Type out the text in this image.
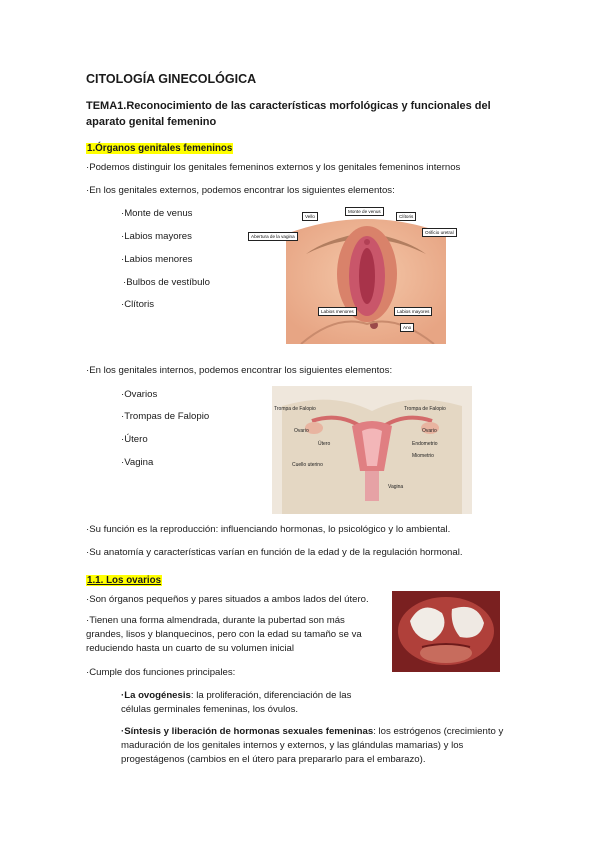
CITOLOGÍA GINECOLÓGICA
TEMA1.Reconocimiento de las características morfológicas y funcionales del aparato genital femenino
1.Órganos genitales femeninos
·Podemos distinguir los genitales femeninos externos y los genitales femeninos internos
·En los genitales externos, podemos encontrar los siguientes elementos:
·Monte de venus
·Labios mayores
·Labios menores
·Bulbos de vestíbulo
·Clítoris
Vello
Monte de venus
Clítoris
Orificio uretral
Abertura de la vagina
Labios menores	Labios mayores
Ano
·En los genitales internos, podemos encontrar los siguientes elementos:
·Ovarios
·Trompas de Falopio
·Útero
·Vagina
Trompa de Falopio	Trompa de Falopio
Ovario
Útero
Ovario
Endometrio
Miometrio
Cuello uterino
Vagina
·Su función es la reproducción: influenciando hormonas, lo psicológico y lo ambiental.
·Su anatomía y características varían en función de la edad y de la regulación hormonal.
1.1. Los ovarios
·Son órganos pequeños y pares situados a ambos lados del útero.
·Tienen una forma almendrada, durante la pubertad son más grandes, lisos y blanquecinos, pero con la edad su tamaño se va reduciendo hasta un cuarto de su volumen inicial
·Cumple dos funciones principales:
·La ovogénesis: la proliferación, diferenciación de las células germinales femeninas, los óvulos.
·Síntesis y liberación de hormonas sexuales femeninas: los estrógenos (crecimiento y maduración de los genitales internos y externos, y las glándulas mamarias) y los progestágenos (cambios en el útero para prepararlo para el embarazo).
